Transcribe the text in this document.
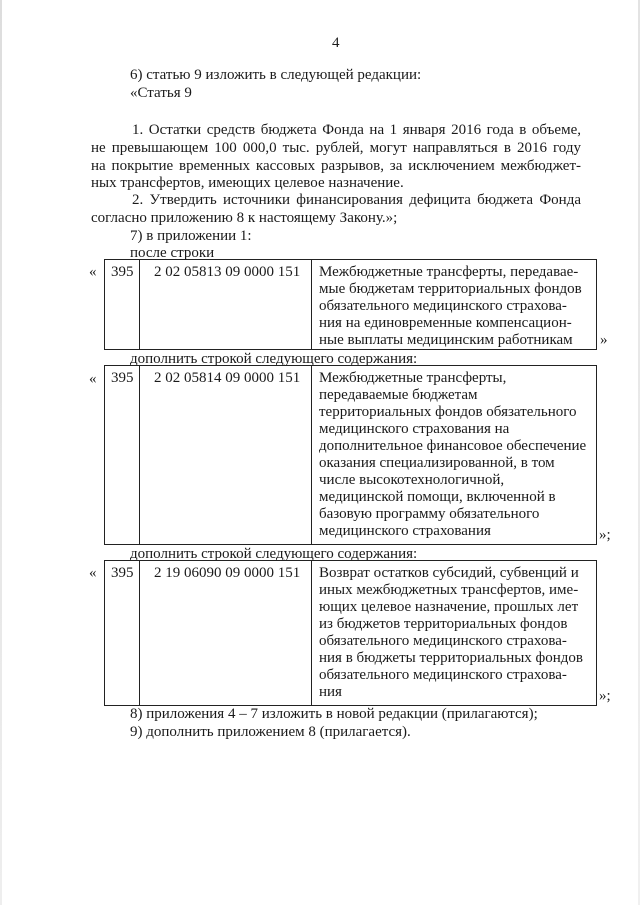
4
6) статью 9 изложить в следующей редакции:
«Статья 9
1. Остатки средств бюджета Фонда на 1 января 2016 года в объеме,
не превышающем 100 000,0 тыс. рублей, могут направляться в 2016 году
на покрытие временных кассовых разрывов, за исключением межбюджет-
ных трансфертов, имеющих целевое назначение.
2. Утвердить источники финансирования дефицита бюджета Фонда
согласно приложению 8 к настоящему Закону.»;
7) в приложении 1:
после строки
« 395 2 02 05813 09 0000 151 Межбюджетные трансферты, передавае-
мые бюджетам территориальных фондов
обязательного медицинского страхова-
ния на единовременные компенсацион-
ные выплаты медицинским работникам »
дополнить строкой следующего содержания:
« 395 2 02 05814 09 0000 151 Межбюджетные трансферты,
передаваемые бюджетам
территориальных фондов обязательного
медицинского страхования на
дополнительное финансовое обеспечение
оказания специализированной, в том
числе высокотехнологичной,
медицинской помощи, включенной в
базовую программу обязательного
медицинского страхования	»;
дополнить строкой следующего содержания:
« 395 2 19 06090 09 0000 151 Возврат остатков субсидий, субвенций и
иных межбюджетных трансфертов, име-
ющих целевое назначение, прошлых лет
из бюджетов территориальных фондов
обязательного медицинского страхова-
ния в бюджеты территориальных фондов
обязательного медицинского страхова-
ния	»;
8) приложения 4 – 7 изложить в новой редакции (прилагаются);
9) дополнить приложением 8 (прилагается).
